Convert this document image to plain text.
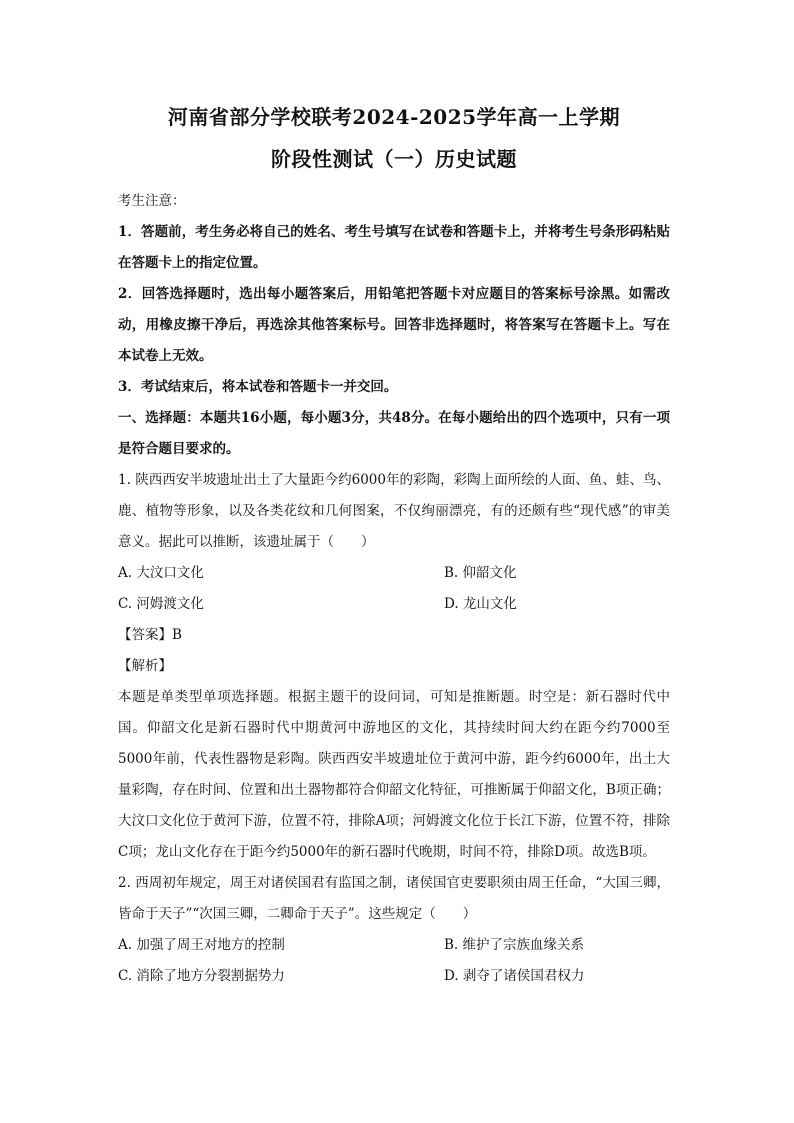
河南省部分学校联考2024-2025学年高一上学期
阶段性测试（一）历史试题
考生注意：
1．答题前，考生务必将自己的姓名、考生号填写在试卷和答题卡上，并将考生号条形码粘贴在答题卡上的指定位置。
2．回答选择题时，选出每小题答案后，用铅笔把答题卡对应题目的答案标号涂黑。如需改动，用橡皮擦干净后，再选涂其他答案标号。回答非选择题时，将答案写在答题卡上。写在本试卷上无效。
3．考试结束后，将本试卷和答题卡一并交回。
一、选择题：本题共16小题，每小题3分，共48分。在每小题给出的四个选项中，只有一项是符合题目要求的。
1. 陕西西安半坡遗址出土了大量距今约6000年的彩陶，彩陶上面所绘的人面、鱼、蛙、鸟、鹿、植物等形象，以及各类花纹和几何图案，不仅绚丽漂亮，有的还颇有些“现代感”的审美意义。据此可以推断，该遗址属于（　　）
A. 大汶口文化	B. 仰韶文化
C. 河姆渡文化	D. 龙山文化
【答案】B
【解析】
本题是单类型单项选择题。根据主题干的设问词，可知是推断题。时空是：新石器时代中国。仰韶文化是新石器时代中期黄河中游地区的文化，其持续时间大约在距今约7000至5000年前，代表性器物是彩陶。陕西西安半坡遗址位于黄河中游，距今约6000年，出土大量彩陶，存在时间、位置和出土器物都符合仰韶文化特征，可推断属于仰韶文化，B项正确；大汶口文化位于黄河下游，位置不符，排除A项；河姆渡文化位于长江下游，位置不符，排除C项；龙山文化存在于距今约5000年的新石器时代晚期，时间不符，排除D项。故选B项。
2. 西周初年规定，周王对诸侯国君有监国之制，诸侯国官吏要职须由周王任命，“大国三卿，皆命于天子”“次国三卿，二卿命于天子”。这些规定（　　）
A. 加强了周王对地方的控制	B. 维护了宗族血缘关系
C. 消除了地方分裂割据势力	D. 剥夺了诸侯国君权力
